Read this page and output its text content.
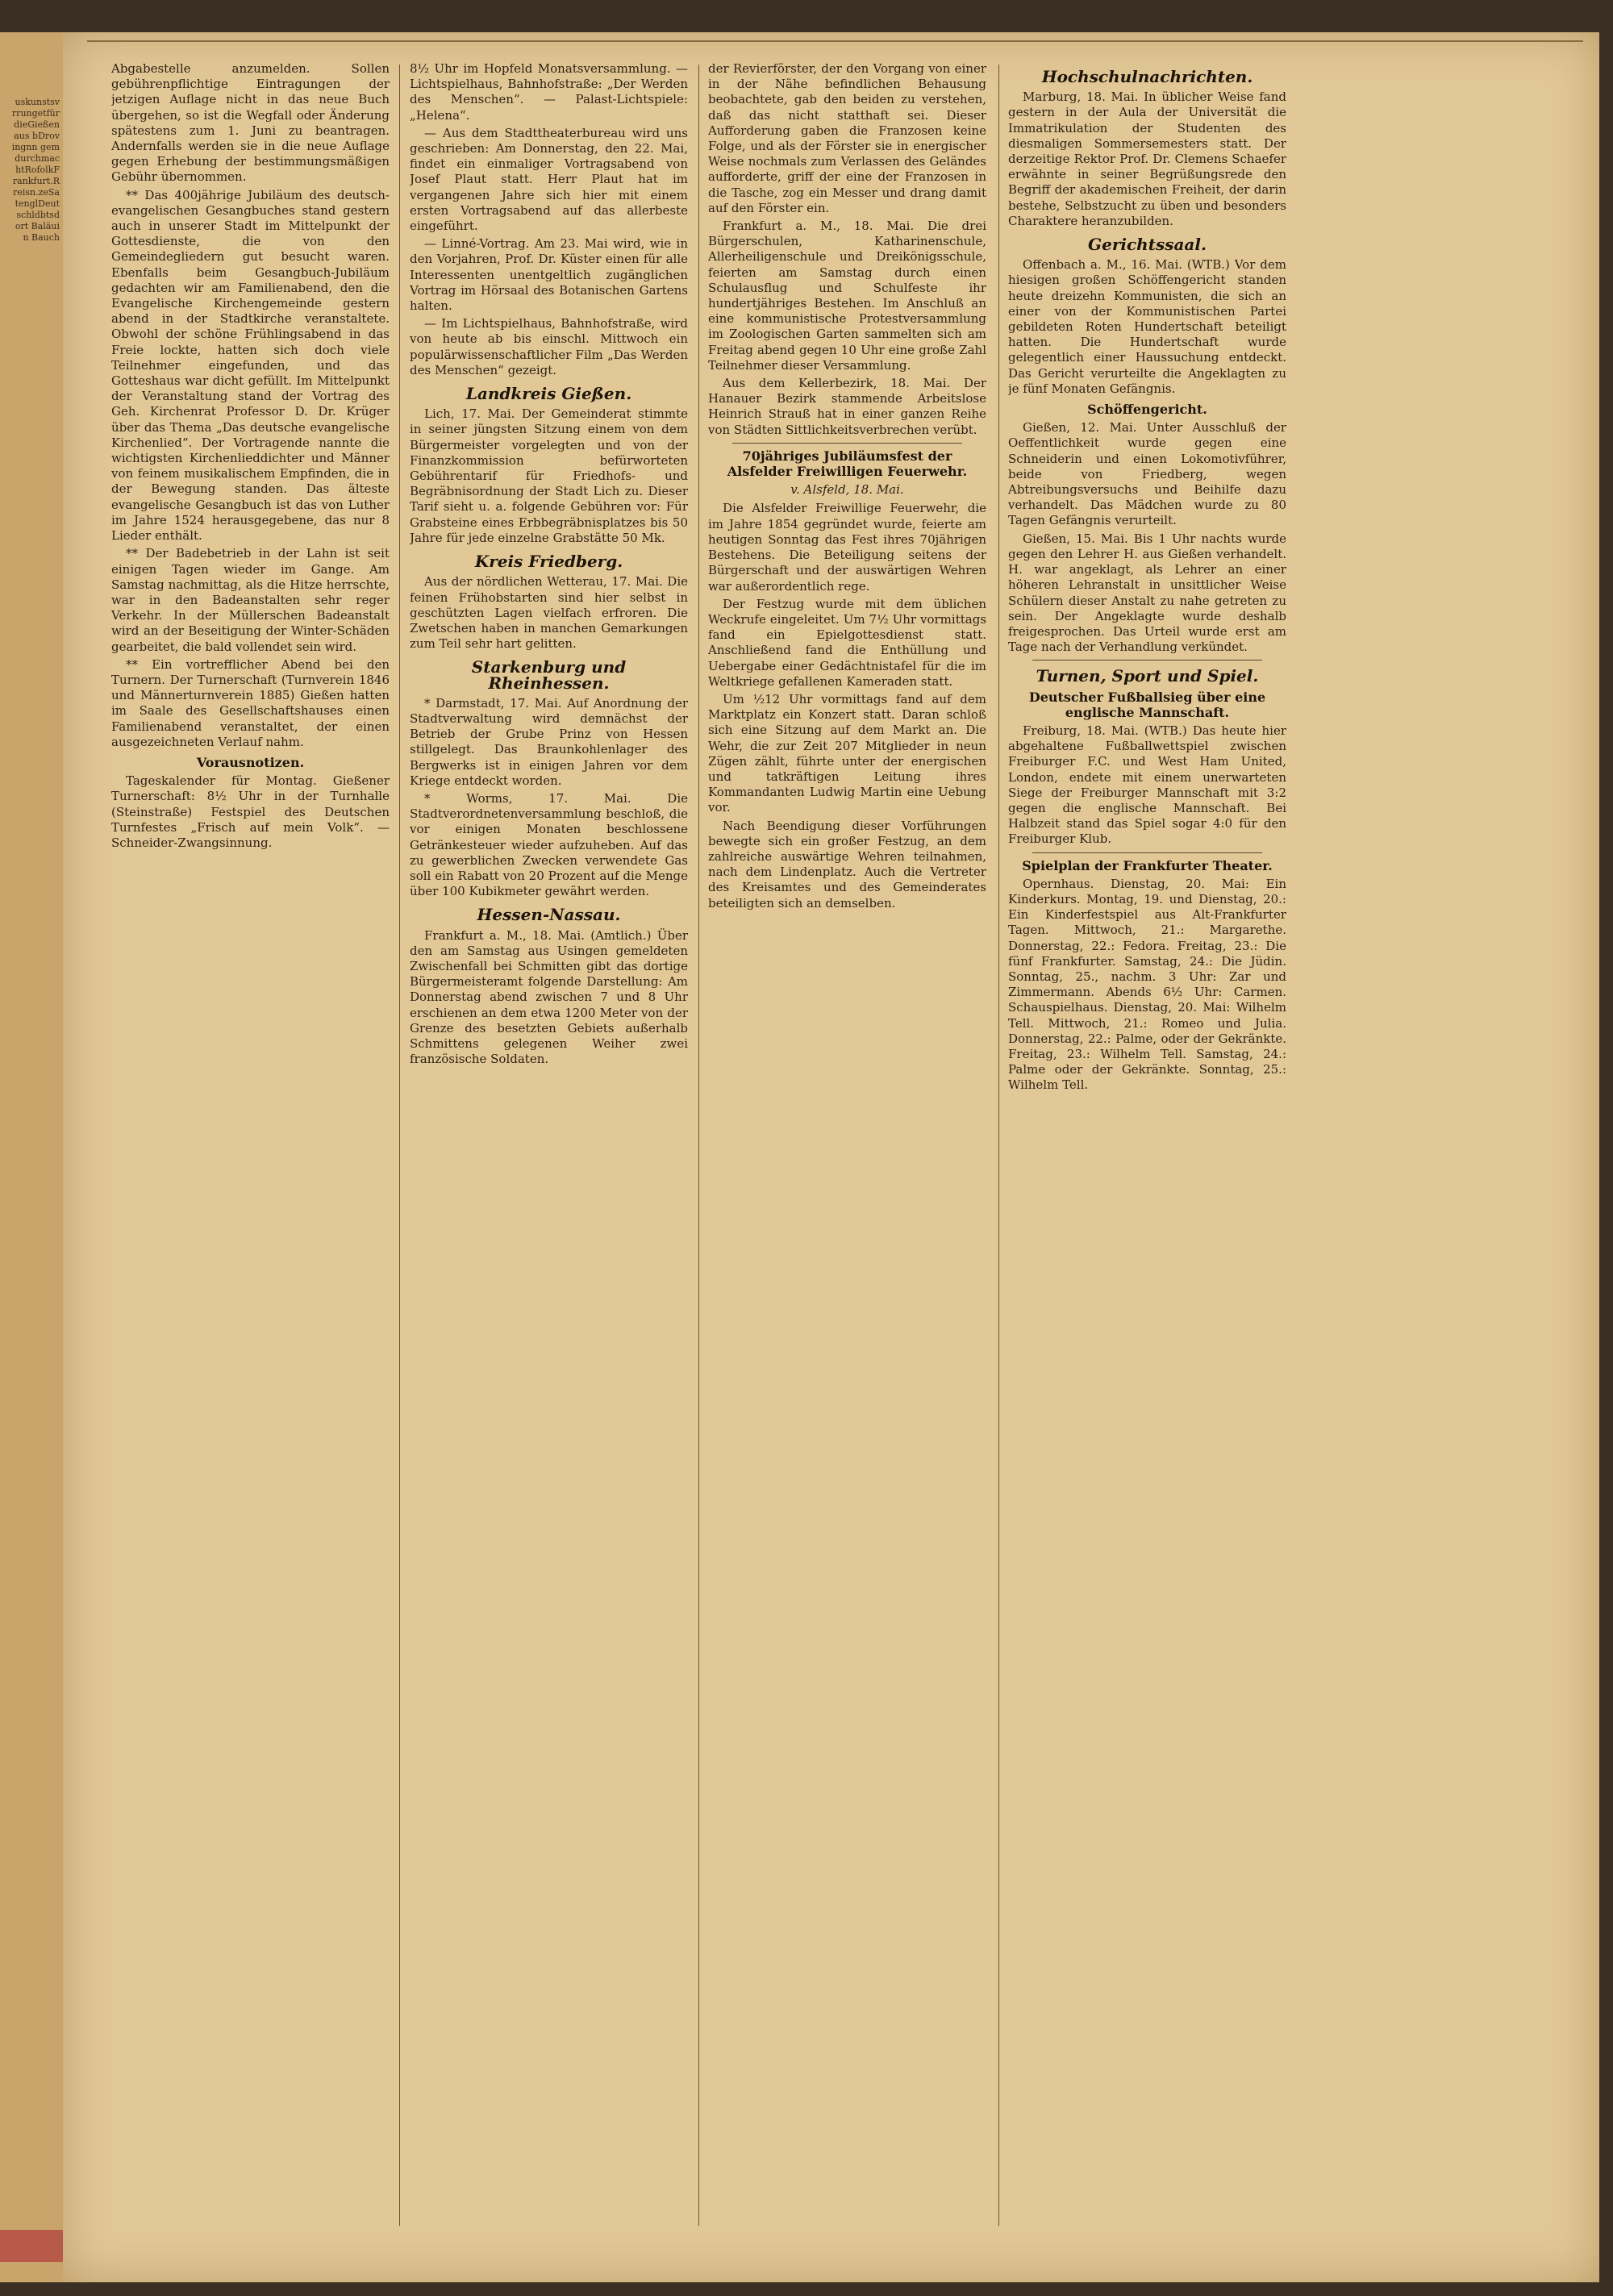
uskunstsvrrungetfür dieGießenaus bDrovingnn gemdurchmachtRofolkFrankfurt.Rreisn.zeSatenglDeutschldbtsdort Baläuin Bauch

Abgabestelle anzumelden. Sollen gebührenpflichtige Eintragungen der jetzigen Auflage nicht in das neue Buch übergehen, so ist die Wegfall oder Änderung spätestens zum 1. Juni zu beantragen. Andernfalls werden sie in die neue Auflage gegen Erhebung der bestimmungsmäßigen Gebühr übernommen.

** Das 400jährige Jubiläum des deutsch-evangelischen Gesangbuches stand gestern auch in unserer Stadt im Mittelpunkt der Gottesdienste, die von den Gemeindegliedern gut besucht waren. Ebenfalls beim Gesangbuch-Jubiläum gedachten wir am Familienabend, den die Evangelische Kirchengemeinde gestern abend in der Stadtkirche veranstaltete. Obwohl der schöne Frühlingsabend in das Freie lockte, hatten sich doch viele Teilnehmer eingefunden, und das Gotteshaus war dicht gefüllt. Im Mittelpunkt der Veranstaltung stand der Vortrag des Geh. Kirchenrat Professor D. Dr. Krüger über das Thema „Das deutsche evangelische Kirchenlied“. Der Vortragende nannte die wichtigsten Kirchenlieddichter und Männer von feinem musikalischem Empfinden, die in der Bewegung standen. Das älteste evangelische Gesangbuch ist das von Luther im Jahre 1524 herausgegebene, das nur 8 Lieder enthält.

** Der Badebetrieb in der Lahn ist seit einigen Tagen wieder im Gange. Am Samstag nachmittag, als die Hitze herrschte, war in den Badeanstalten sehr reger Verkehr. In der Müllerschen Badeanstalt wird an der Beseitigung der Winter-Schäden gearbeitet, die bald vollendet sein wird.

** Ein vortrefflicher Abend bei den Turnern. Der Turnerschaft (Turnverein 1846 und Männerturnverein 1885) Gießen hatten im Saale des Gesellschaftshauses einen Familienabend veranstaltet, der einen ausgezeichneten Verlauf nahm.

Vorausnotizen.

Tageskalender für Montag. Gießener Turnerschaft: 8½ Uhr in der Turnhalle (Steinstraße) Festspiel des Deutschen Turnfestes „Frisch auf mein Volk“. — Schneider-Zwangsinnung.

8½ Uhr im Hopfeld Monatsversammlung. — Lichtspielhaus, Bahnhofstraße: „Der Werden des Menschen“. — Palast-Lichtspiele: „Helena“.

— Aus dem Stadttheaterbureau wird uns geschrieben: Am Donnerstag, den 22. Mai, findet ein einmaliger Vortragsabend von Josef Plaut statt. Herr Plaut hat im vergangenen Jahre sich hier mit einem ersten Vortragsabend auf das allerbeste eingeführt.

— Linné-Vortrag. Am 23. Mai wird, wie in den Vorjahren, Prof. Dr. Küster einen für alle Interessenten unentgeltlich zugänglichen Vortrag im Hörsaal des Botanischen Gartens halten.

— Im Lichtspielhaus, Bahnhofstraße, wird von heute ab bis einschl. Mittwoch ein populärwissenschaftlicher Film „Das Werden des Menschen“ gezeigt.

Landkreis Gießen.

Lich, 17. Mai. Der Gemeinderat stimmte in seiner jüngsten Sitzung einem von dem Bürgermeister vorgelegten und von der Finanzkommission befürworteten Gebührentarif für Friedhofs- und Begräbnisordnung der Stadt Lich zu. Dieser Tarif sieht u. a. folgende Gebühren vor: Für Grabsteine eines Erbbegräbnisplatzes bis 50 Jahre für jede einzelne Grabstätte 50 Mk.

Kreis Friedberg.

Aus der nördlichen Wetterau, 17. Mai. Die feinen Frühobstarten sind hier selbst in geschützten Lagen vielfach erfroren. Die Zwetschen haben in manchen Gemarkungen zum Teil sehr hart gelitten.

Starkenburg und Rheinhessen.

* Darmstadt, 17. Mai. Auf Anordnung der Stadtverwaltung wird demnächst der Betrieb der Grube Prinz von Hessen stillgelegt. Das Braunkohlenlager des Bergwerks ist in einigen Jahren vor dem Kriege entdeckt worden.

* Worms, 17. Mai. Die Stadtverordnetenversammlung beschloß, die vor einigen Monaten beschlossene Getränkesteuer wieder aufzuheben. Auf das zu gewerblichen Zwecken verwendete Gas soll ein Rabatt von 20 Prozent auf die Menge über 100 Kubikmeter gewährt werden.

Hessen-Nassau.

Frankfurt a. M., 18. Mai. (Amtlich.) Über den am Samstag aus Usingen gemeldeten Zwischenfall bei Schmitten gibt das dortige Bürgermeisteramt folgende Darstellung: Am Donnerstag abend zwischen 7 und 8 Uhr erschienen an dem etwa 1200 Meter von der Grenze des besetzten Gebiets außerhalb Schmittens gelegenen Weiher zwei französische Soldaten.

der Revierförster, der den Vorgang von einer in der Nähe befindlichen Behausung beobachtete, gab den beiden zu verstehen, daß das nicht statthaft sei. Dieser Aufforderung gaben die Franzosen keine Folge, und als der Förster sie in energischer Weise nochmals zum Verlassen des Geländes aufforderte, griff der eine der Franzosen in die Tasche, zog ein Messer und drang damit auf den Förster ein.

Frankfurt a. M., 18. Mai. Die drei Bürgerschulen, Katharinenschule, Allerheiligenschule und Dreikönigsschule, feierten am Samstag durch einen Schulausflug und Schulfeste ihr hundertjähriges Bestehen. Im Anschluß an eine kommunistische Protestversammlung im Zoologischen Garten sammelten sich am Freitag abend gegen 10 Uhr eine große Zahl Teilnehmer dieser Versammlung.

Aus dem Kellerbezirk, 18. Mai. Der Hanauer Bezirk stammende Arbeitslose Heinrich Strauß hat in einer ganzen Reihe von Städten Sittlichkeitsverbrechen verübt.

70jähriges Jubiläumsfest der Alsfelder Freiwilligen Feuerwehr.
v. Alsfeld, 18. Mai.

Die Alsfelder Freiwillige Feuerwehr, die im Jahre 1854 gegründet wurde, feierte am heutigen Sonntag das Fest ihres 70jährigen Bestehens. Die Beteiligung seitens der Bürgerschaft und der auswärtigen Wehren war außerordentlich rege.

Der Festzug wurde mit dem üblichen Weckrufe eingeleitet. Um 7½ Uhr vormittags fand ein Epielgottesdienst statt. Anschließend fand die Enthüllung und Uebergabe einer Gedächtnistafel für die im Weltkriege gefallenen Kameraden statt.

Um ½12 Uhr vormittags fand auf dem Marktplatz ein Konzert statt. Daran schloß sich eine Sitzung auf dem Markt an. Die Wehr, die zur Zeit 207 Mitglieder in neun Zügen zählt, führte unter der energischen und tatkräftigen Leitung ihres Kommandanten Ludwig Martin eine Uebung vor.

Nach Beendigung dieser Vorführungen bewegte sich ein großer Festzug, an dem zahlreiche auswärtige Wehren teilnahmen, nach dem Lindenplatz. Auch die Vertreter des Kreisamtes und des Gemeinderates beteiligten sich an demselben.

Hochschulnachrichten.

Marburg, 18. Mai. In üblicher Weise fand gestern in der Aula der Universität die Immatrikulation der Studenten des diesmaligen Sommersemesters statt. Der derzeitige Rektor Prof. Dr. Clemens Schaefer erwähnte in seiner Begrüßungsrede den Begriff der akademischen Freiheit, der darin bestehe, Selbstzucht zu üben und besonders Charaktere heranzubilden.

Gerichtssaal.

Offenbach a. M., 16. Mai. (WTB.) Vor dem hiesigen großen Schöffengericht standen heute dreizehn Kommunisten, die sich an einer von der Kommunistischen Partei gebildeten Roten Hundertschaft beteiligt hatten. Die Hundertschaft wurde gelegentlich einer Haussuchung entdeckt. Das Gericht verurteilte die Angeklagten zu je fünf Monaten Gefängnis.

Schöffengericht.

Gießen, 12. Mai. Unter Ausschluß der Oeffentlichkeit wurde gegen eine Schneiderin und einen Lokomotivführer, beide von Friedberg, wegen Abtreibungsversuchs und Beihilfe dazu verhandelt. Das Mädchen wurde zu 80 Tagen Gefängnis verurteilt.

Gießen, 15. Mai. Bis 1 Uhr nachts wurde gegen den Lehrer H. aus Gießen verhandelt. H. war angeklagt, als Lehrer an einer höheren Lehranstalt in unsittlicher Weise Schülern dieser Anstalt zu nahe getreten zu sein. Der Angeklagte wurde deshalb freigesprochen. Das Urteil wurde erst am Tage nach der Verhandlung verkündet.

Turnen, Sport und Spiel.
Deutscher Fußballsieg über eine englische Mannschaft.

Freiburg, 18. Mai. (WTB.) Das heute hier abgehaltene Fußballwettspiel zwischen Freiburger F.C. und West Ham United, London, endete mit einem unerwarteten Siege der Freiburger Mannschaft mit 3:2 gegen die englische Mannschaft. Bei Halbzeit stand das Spiel sogar 4:0 für den Freiburger Klub.

Spielplan der Frankfurter Theater.

Opernhaus. Dienstag, 20. Mai: Ein Kinderkurs. Montag, 19. und Dienstag, 20.: Ein Kinderfestspiel aus Alt-Frankfurter Tagen. Mittwoch, 21.: Margarethe. Donnerstag, 22.: Fedora. Freitag, 23.: Die fünf Frankfurter. Samstag, 24.: Die Jüdin. Sonntag, 25., nachm. 3 Uhr: Zar und Zimmermann. Abends 6½ Uhr: Carmen. Schauspielhaus. Dienstag, 20. Mai: Wilhelm Tell. Mittwoch, 21.: Romeo und Julia. Donnerstag, 22.: Palme, oder der Gekränkte. Freitag, 23.: Wilhelm Tell. Samstag, 24.: Palme oder der Gekränkte. Sonntag, 25.: Wilhelm Tell.
